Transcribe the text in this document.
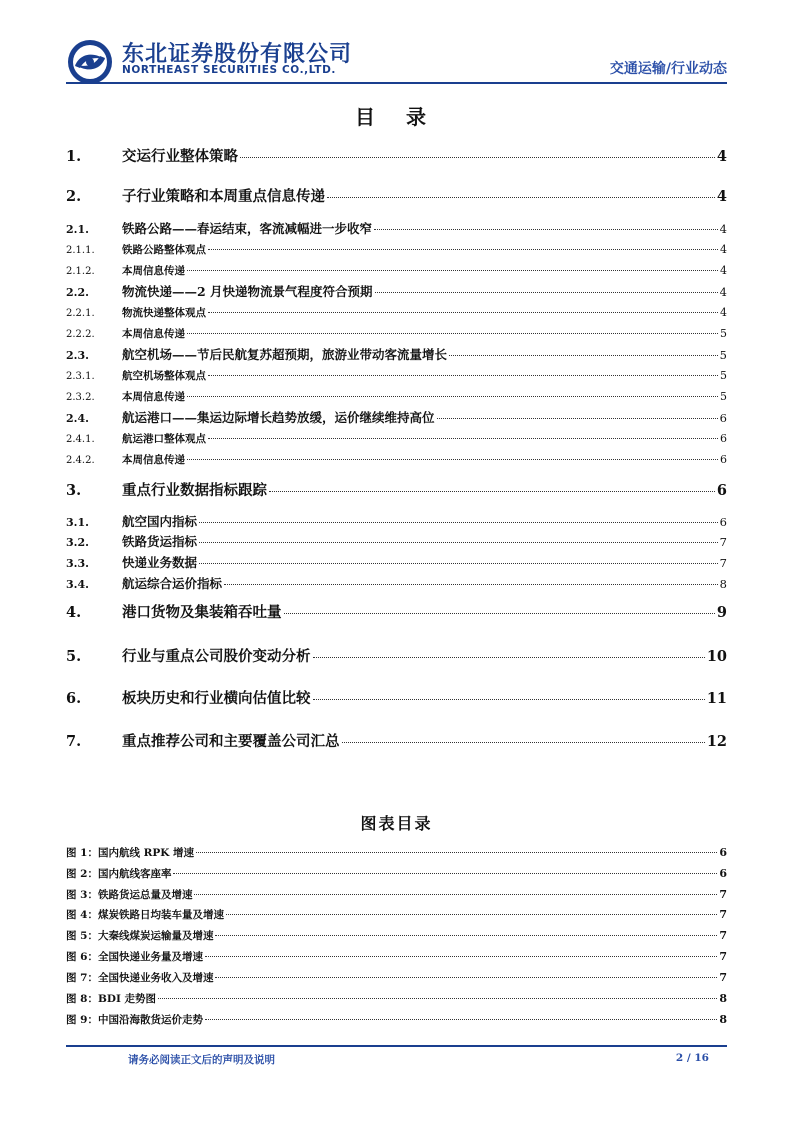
东北证券股份有限公司
NORTHEAST SECURITIES CO.,LTD.	交通运输/行业动态
目 录
1.	交运行业整体策略	4
2.	子行业策略和本周重点信息传递	4
2.1.	铁路公路——春运结束，客流减幅进一步收窄	4
2.1.1.	铁路公路整体观点	4
2.1.2.	本周信息传递	4
2.2.	物流快递——2 月快递物流景气程度符合预期	4
2.2.1.	物流快递整体观点	4
2.2.2.	本周信息传递	5
2.3.	航空机场——节后民航复苏超预期，旅游业带动客流量增长	5
2.3.1.	航空机场整体观点	5
2.3.2.	本周信息传递	5
2.4.	航运港口——集运边际增长趋势放缓，运价继续维持高位	6
2.4.1.	航运港口整体观点	6
2.4.2.	本周信息传递	6
3.	重点行业数据指标跟踪	6
3.1.	航空国内指标	6
3.2.	铁路货运指标	7
3.3.	快递业务数据	7
3.4.	航运综合运价指标	8
4.	港口货物及集装箱吞吐量	9
5.	行业与重点公司股价变动分析	10
6.	板块历史和行业横向估值比较	11
7.	重点推荐公司和主要覆盖公司汇总	12
图表目录
图 1：国内航线 RPK 增速	6
图 2：国内航线客座率	6
图 3：铁路货运总量及增速	7
图 4：煤炭铁路日均装车量及增速	7
图 5：大秦线煤炭运输量及增速	7
图 6：全国快递业务量及增速	7
图 7：全国快递业务收入及增速	7
图 8：BDI 走势图	8
图 9：中国沿海散货运价走势	8
请务必阅读正文后的声明及说明	2 / 16
